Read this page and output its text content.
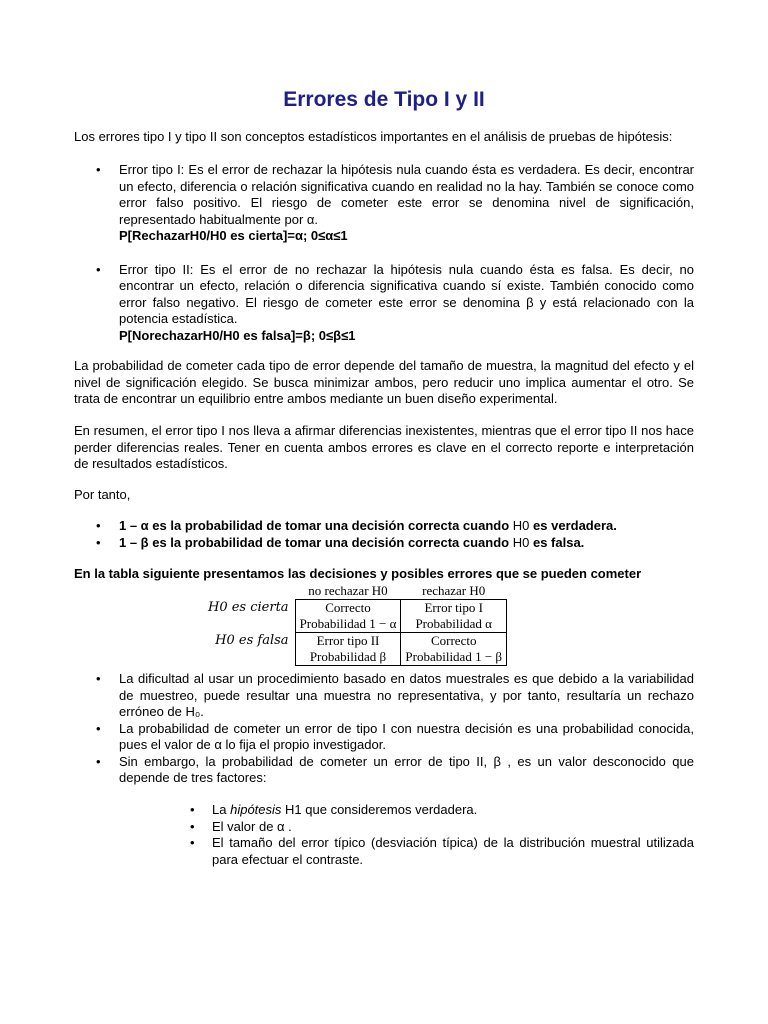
Errores de Tipo I y II

Los errores tipo I y tipo II son conceptos estadísticos importantes en el análisis de pruebas de hipótesis:

• Error tipo I: Es el error de rechazar la hipótesis nula cuando ésta es verdadera. Es decir, encontrar un efecto, diferencia o relación significativa cuando en realidad no la hay. También se conoce como error falso positivo. El riesgo de cometer este error se denomina nivel de significación, representado habitualmente por α.
P[RechazarH0/H0 es cierta]=α; 0≤α≤1
• Error tipo II: Es el error de no rechazar la hipótesis nula cuando ésta es falsa. Es decir, no encontrar un efecto, relación o diferencia significativa cuando sí existe. También conocido como error falso negativo. El riesgo de cometer este error se denomina β y está relacionado con la potencia estadística.
P[NorechazarH0/H0 es falsa]=β; 0≤β≤1

La probabilidad de cometer cada tipo de error depende del tamaño de muestra, la magnitud del efecto y el nivel de significación elegido. Se busca minimizar ambos, pero reducir uno implica aumentar el otro. Se trata de encontrar un equilibrio entre ambos mediante un buen diseño experimental.

En resumen, el error tipo I nos lleva a afirmar diferencias inexistentes, mientras que el error tipo II nos hace perder diferencias reales. Tener en cuenta ambos errores es clave en el correcto reporte e interpretación de resultados estadísticos.

Por tanto,

• 1 – α es la probabilidad de tomar una decisión correcta cuando H0 es verdadera.
• 1 – β es la probabilidad de tomar una decisión correcta cuando H0 es falsa.

En la tabla siguiente presentamos las decisiones y posibles errores que se pueden cometer

	no rechazar H0	rechazar H0
H0 es cierta	Correcto	Error tipo I
	Probabilidad 1 − α	Probabilidad α
H0 es falsa	Error tipo II	Correcto
	Probabilidad β	Probabilidad 1 − β
• La dificultad al usar un procedimiento basado en datos muestrales es que debido a la variabilidad de muestreo, puede resultar una muestra no representativa, y por tanto, resultaría un rechazo erróneo de H₀.
• La probabilidad de cometer un error de tipo I con nuestra decisión es una probabilidad conocida, pues el valor de α lo fija el propio investigador.
• Sin embargo, la probabilidad de cometer un error de tipo II, β , es un valor desconocido que depende de tres factores:
• La hipótesis H1 que consideremos verdadera.
• El valor de α .
• El tamaño del error típico (desviación típica) de la distribución muestral utilizada para efectuar el contraste.
